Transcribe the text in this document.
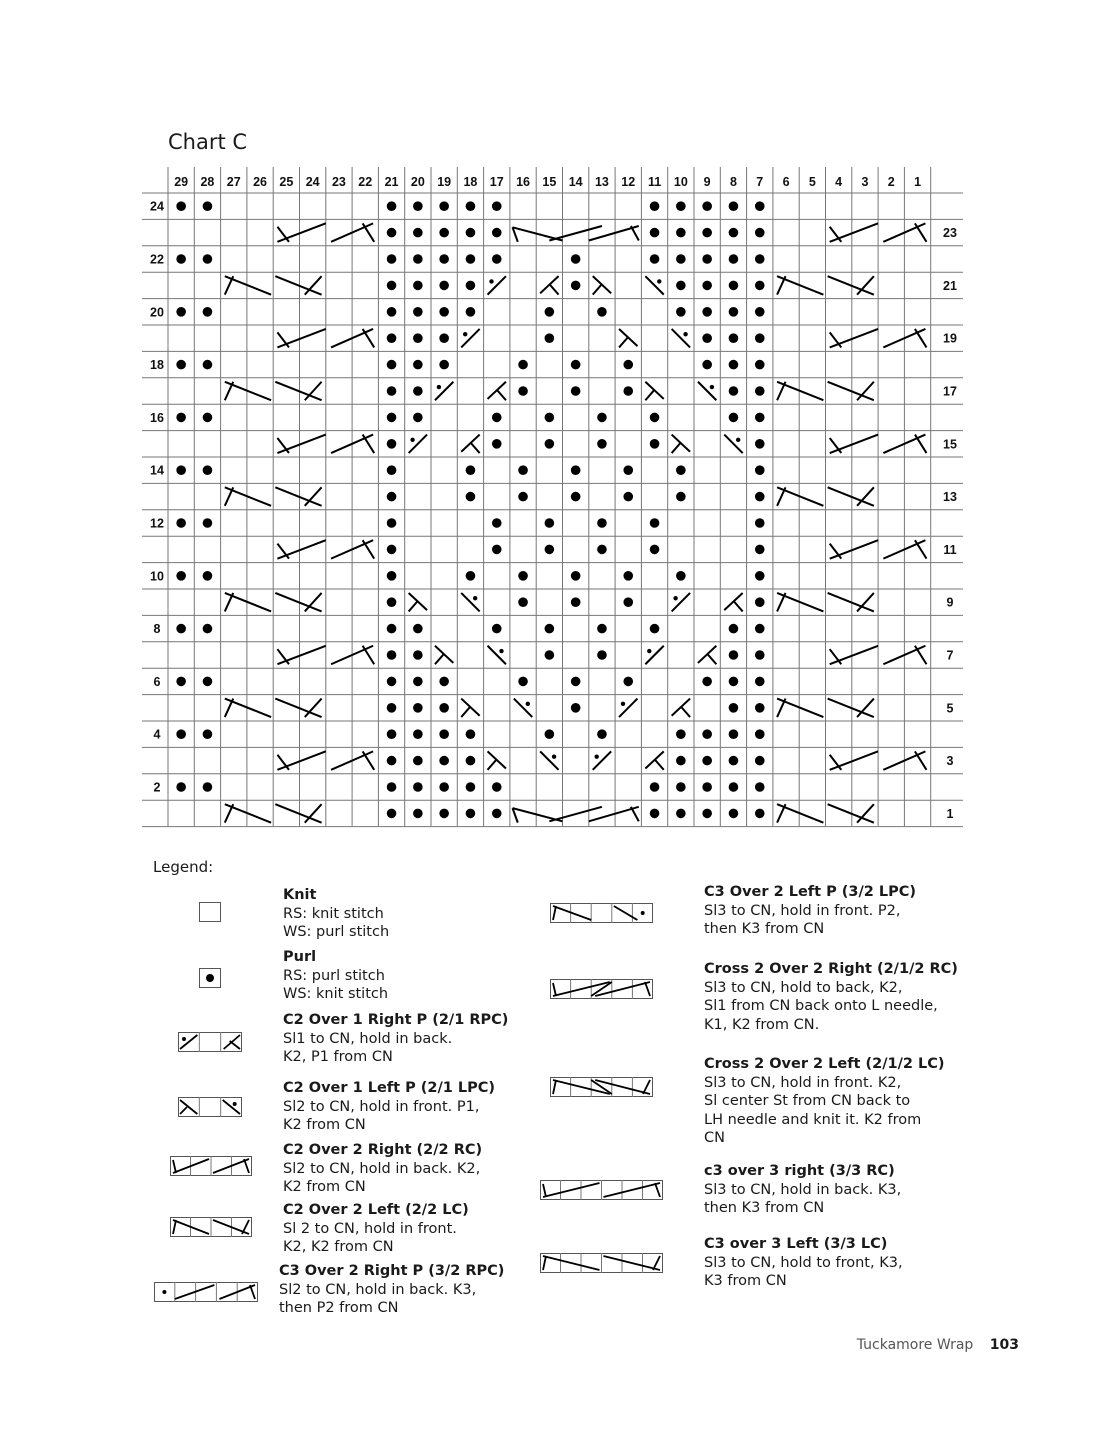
Chart C
29 28 27 26 25 24 23 22 21 20 19 18 17 16 15 14 13 12 11 10 9 8 7 6 5 4 3 2 1
24
22
20
18
16
14
12
10
8
6
4
2
23
21
19
17
15
13
11
9
7
5
3
1
Legend:
Knit
RS: knit stitch
WS: purl stitch
Purl
RS: purl stitch
WS: knit stitch
C2 Over 1 Right P (2/1 RPC)
Sl1 to CN, hold in back.
K2, P1 from CN
C2 Over 1 Left P (2/1 LPC)
Sl2 to CN, hold in front. P1,
K2 from CN
C2 Over 2 Right (2/2 RC)
Sl2 to CN, hold in back. K2,
K2 from CN
C2 Over 2 Left (2/2 LC)
Sl 2 to CN, hold in front.
K2, K2 from CN
C3 Over 2 Right P (3/2 RPC)
Sl2 to CN, hold in back. K3,
then P2 from CN
C3 Over 2 Left P (3/2 LPC)
Sl3 to CN, hold in front. P2,
then K3 from CN
Cross 2 Over 2 Right (2/1/2 RC)
Sl3 to CN, hold to back, K2,
Sl1 from CN back onto L needle,
K1, K2 from CN.
Cross 2 Over 2 Left (2/1/2 LC)
Sl3 to CN, hold in front. K2,
Sl center St from CN back to
LH needle and knit it. K2 from
CN
c3 over 3 right (3/3 RC)
Sl3 to CN, hold in back. K3,
then K3 from CN
C3 over 3 Left (3/3 LC)
Sl3 to CN, hold to front, K3,
K3 from CN
Tuckamore Wrap 103
